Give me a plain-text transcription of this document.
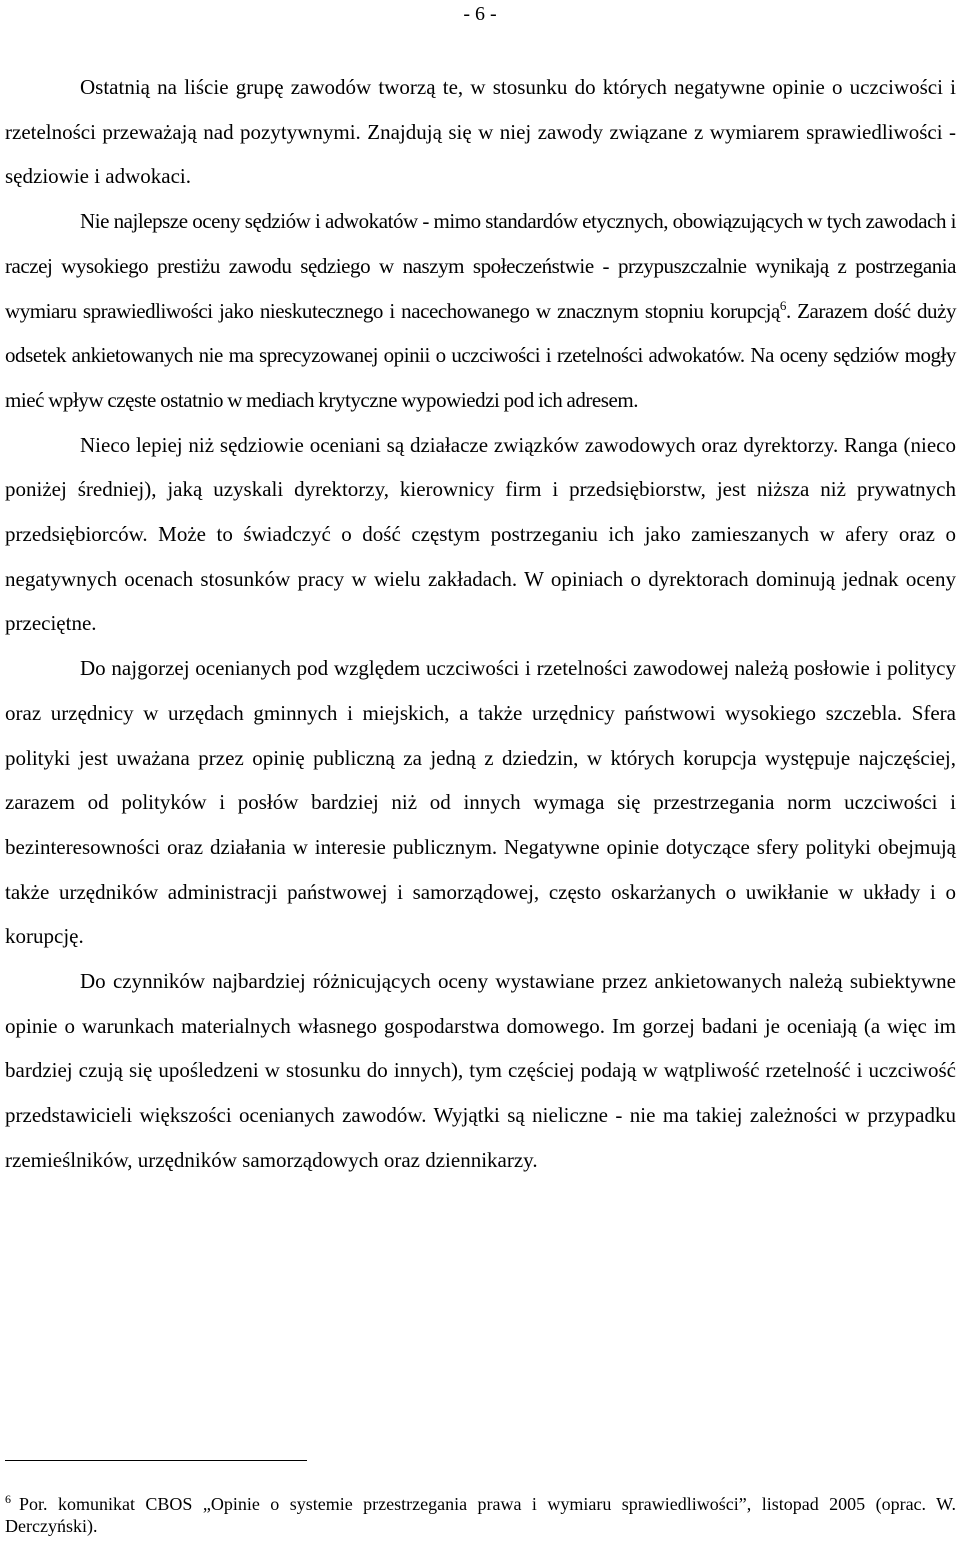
- 6 -

Ostatnią na liście grupę zawodów tworzą te, w stosunku do których negatywne opinie o uczciwości i rzetelności przeważają nad pozytywnymi. Znajdują się w niej zawody związane z wymiarem sprawiedliwości - sędziowie i adwokaci.

Nie najlepsze oceny sędziów i adwokatów - mimo standardów etycznych, obowiązujących w tych zawodach i raczej wysokiego prestiżu zawodu sędziego w naszym społeczeństwie - przypuszczalnie wynikają z postrzegania wymiaru sprawiedliwości jako nieskutecznego i nacechowanego w znacznym stopniu korupcją$^6$. Zarazem dość duży odsetek ankietowanych nie ma sprecyzowanej opinii o uczciwości i rzetelności adwokatów. Na oceny sędziów mogły mieć wpływ częste ostatnio w mediach krytyczne wypowiedzi pod ich adresem.

Nieco lepiej niż sędziowie oceniani są działacze związków zawodowych oraz dyrektorzy. Ranga (nieco poniżej średniej), jaką uzyskali dyrektorzy, kierownicy firm i przedsiębiorstw, jest niższa niż prywatnych przedsiębiorców. Może to świadczyć o dość częstym postrzeganiu ich jako zamieszanych w afery oraz o negatywnych ocenach stosunków pracy w wielu zakładach. W opiniach o dyrektorach dominują jednak oceny przeciętne.

Do najgorzej ocenianych pod względem uczciwości i rzetelności zawodowej należą posłowie i politycy oraz urzędnicy w urzędach gminnych i miejskich, a także urzędnicy państwowi wysokiego szczebla. Sfera polityki jest uważana przez opinię publiczną za jedną z dziedzin, w których korupcja występuje najczęściej, zarazem od polityków i posłów bardziej niż od innych wymaga się przestrzegania norm uczciwości i bezinteresowności oraz działania w interesie publicznym. Negatywne opinie dotyczące sfery polityki obejmują także urzędników administracji państwowej i samorządowej, często oskarżanych o uwikłanie w układy i o korupcję.

Do czynników najbardziej różnicujących oceny wystawiane przez ankietowanych należą subiektywne opinie o warunkach materialnych własnego gospodarstwa domowego. Im gorzej badani je oceniają (a więc im bardziej czują się upośledzeni w stosunku do innych), tym częściej podają w wątpliwość rzetelność i uczciwość przedstawicieli większości ocenianych zawodów. Wyjątki są nieliczne - nie ma takiej zależności w przypadku rzemieślników, urzędników samorządowych oraz dziennikarzy.

$^6$ Por. komunikat CBOS „Opinie o systemie przestrzegania prawa i wymiaru sprawiedliwości”, listopad 2005 (oprac. W. Derczyński).
